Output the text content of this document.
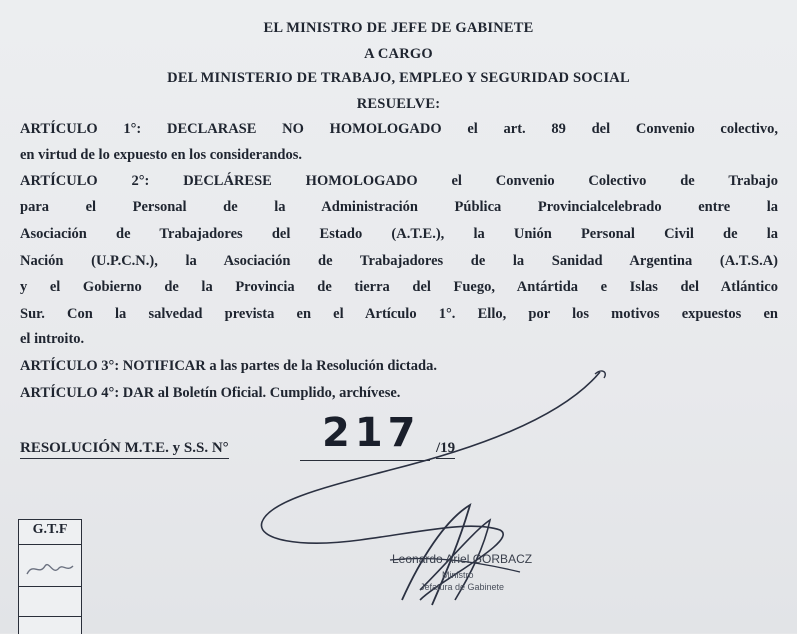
EL MINISTRO DE JEFE DE GABINETE
A CARGO
DEL MINISTERIO DE TRABAJO, EMPLEO Y SEGURIDAD SOCIAL
RESUELVE:
ARTÍCULO 1°: DECLARASE NO HOMOLOGADO el art. 89 del Convenio colectivo,
en virtud de lo expuesto en los considerandos.
ARTÍCULO 2°: DECLÁRESE HOMOLOGADO el Convenio Colectivo de Trabajo
para el Personal de la Administración Pública Provincialcelebrado entre la
Asociación de Trabajadores del Estado (A.T.E.), la Unión Personal Civil de la
Nación (U.P.C.N.), la Asociación de Trabajadores de la Sanidad Argentina (A.T.S.A)
y el Gobierno de la Provincia de tierra del Fuego, Antártida e Islas del Atlántico
Sur. Con la salvedad prevista en el Artículo 1°. Ello, por los motivos expuestos en
el introito.
ARTÍCULO 3°: NOTIFICAR a las partes de la Resolución dictada.
ARTÍCULO 4°: DAR al Boletín Oficial. Cumplido, archívese.
RESOLUCIÓN M.T.E. y S.S. N° 217 /19
G.T.F
Leonardo Ariel GORBACZ
Ministro
Jefatura de Gabinete
